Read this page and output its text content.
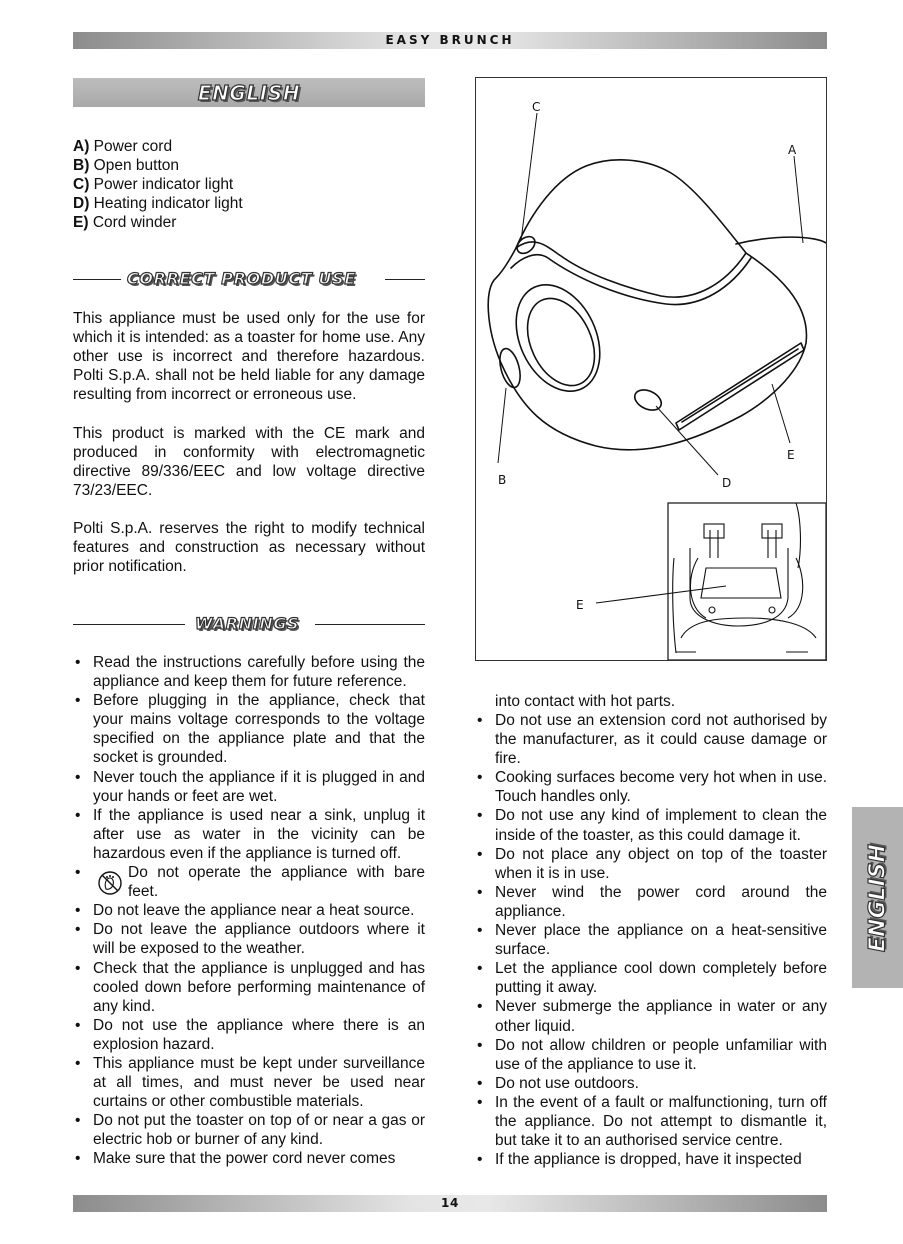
EASY BRUNCH
ENGLISH
A) Power cord
B) Open button
C) Power indicator light
D) Heating indicator light
E) Cord winder
CORRECT PRODUCT USE

This appliance must be used only for the use for which it is intended: as a toaster for home use. Any other use is incorrect and therefore hazardous. Polti S.p.A. shall not be held liable for any damage resulting from incorrect or erroneous use.

This product is marked with the CE mark and produced in conformity with electromagnetic directive 89/336/EEC and low voltage directive 73/23/EEC.

Polti S.p.A. reserves the right to modify technical features and construction as necessary without prior notification.

WARNINGS
• Read the instructions carefully before using the appliance and keep them for future reference.
• Before plugging in the appliance, check that your mains voltage corresponds to the voltage specified on the appliance plate and that the socket is grounded.
• Never touch the appliance if it is plugged in and your hands or feet are wet.
• If the appliance is used near a sink, unplug it after use as water in the vicinity can be hazardous even if the appliance is turned off.
• Do not operate the appliance with bare feet.
• Do not leave the appliance near a heat source.
• Do not leave the appliance outdoors where it will be exposed to the weather.
• Check that the appliance is unplugged and has cooled down before performing maintenance of any kind.
• Do not use the appliance where there is an explosion hazard.
• This appliance must be kept under surveillance at all times, and must never be used near curtains or other combustible materials.
• Do not put the toaster on top of or near a gas or electric hob or burner of any kind.
• Make sure that the power cord never comes
C
A
B	D
E
E
into contact with hot parts.
• Do not use an extension cord not authorised by the manufacturer, as it could cause damage or fire.
• Cooking surfaces become very hot when in use. Touch handles only.
• Do not use any kind of implement to clean the inside of the toaster, as this could damage it.
• Do not place any object on top of the toaster when it is in use.
• Never wind the power cord around the appliance.
• Never place the appliance on a heat-sensitive surface.
• Let the appliance cool down completely before putting it away.
• Never submerge the appliance in water or any other liquid.
• Do not allow children or people unfamiliar with use of the appliance to use it.
• Do not use outdoors.
• In the event of a fault or malfunctioning, turn off the appliance. Do not attempt to dismantle it, but take it to an authorised service centre.
• If the appliance is dropped, have it inspected
ENGLISH
14
